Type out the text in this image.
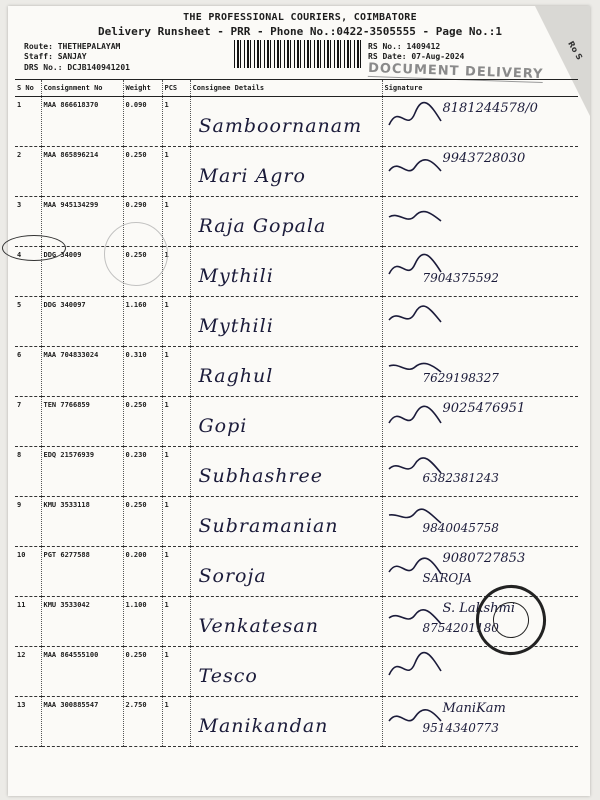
Ro S
THE PROFESSIONAL COURIERS, COIMBATORE
Delivery Runsheet - PRR - Phone No.:0422-3505555 - Page No.:1
Route: THETHEPALAYAM
Staff: SANJAY
DRS No.: DCJB140941201
RS No.: 1409412
RS Date: 07-Aug-2024
DOCUMENT DELIVERY
S No	Consignment No	Weight	PCS	Consignee Details	Signature
1	MAA 866618370	0.090	1	Samboornanam	8181244578/0

2	MAA 865896214	0.250	1	Mari Agro	9943728030

3	MAA 945134299	0.290	1	Raja Gopala

4	DDG 34009	0.250	1	Mythili	7904375592

5	DDG 340097	1.160	1	Mythili

6	MAA 704833024	0.310	1	Raghul	7629198327

7	TEN 7766859	0.250	1	Gopi	9025476951

8	EDQ 21576939	0.230	1	Subhashree	6382381243

9	KMU 3533118	0.250	1	Subramanian	9840045758

10	PGT 6277588	0.200	1	Soroja	9080727853
SAROJA

11	KMU 3533042	1.100	1	Venkatesan	S. Lakshmi
8754201180

12	MAA 864555100	0.250	1	Tesco

13	MAA 300885547	2.750	1	Manikandan	ManiKam
9514340773
